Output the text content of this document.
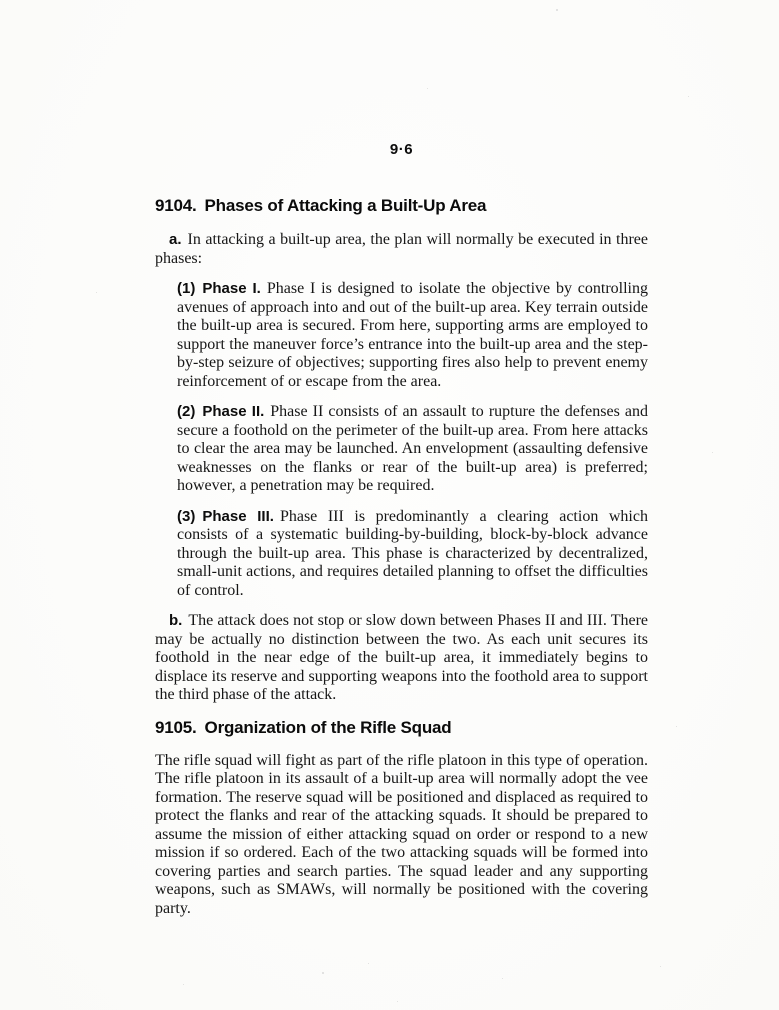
9·6
9104. Phases of Attacking a Built-Up Area

a. In attacking a built-up area, the plan will normally be executed in three phases:

(1) Phase I. Phase I is designed to isolate the objective by controlling avenues of approach into and out of the built-up area. Key terrain outside the built-up area is secured. From here, supporting arms are employed to support the maneuver force’s entrance into the built-up area and the step-by-step seizure of objectives; supporting fires also help to prevent enemy reinforcement of or escape from the area.

(2) Phase II. Phase II consists of an assault to rupture the defenses and secure a foothold on the perimeter of the built-up area. From here attacks to clear the area may be launched. An envelopment (assaulting defensive weaknesses on the flanks or rear of the built-up area) is preferred; however, a penetration may be required.

(3) Phase III. Phase III is predominantly a clearing action which consists of a systematic building-by-building, block-by-block advance through the built-up area. This phase is characterized by decentralized, small-unit actions, and requires detailed planning to offset the difficulties of control.

b. The attack does not stop or slow down between Phases II and III. There may be actually no distinction between the two. As each unit secures its foothold in the near edge of the built-up area, it immediately begins to displace its reserve and supporting weapons into the foothold area to support the third phase of the attack.

9105. Organization of the Rifle Squad

The rifle squad will fight as part of the rifle platoon in this type of operation. The rifle platoon in its assault of a built-up area will normally adopt the vee formation. The reserve squad will be positioned and displaced as required to protect the flanks and rear of the attacking squads. It should be prepared to assume the mission of either attacking squad on order or respond to a new mission if so ordered. Each of the two attacking squads will be formed into covering parties and search parties. The squad leader and any supporting weapons, such as SMAWs, will normally be positioned with the covering party.
